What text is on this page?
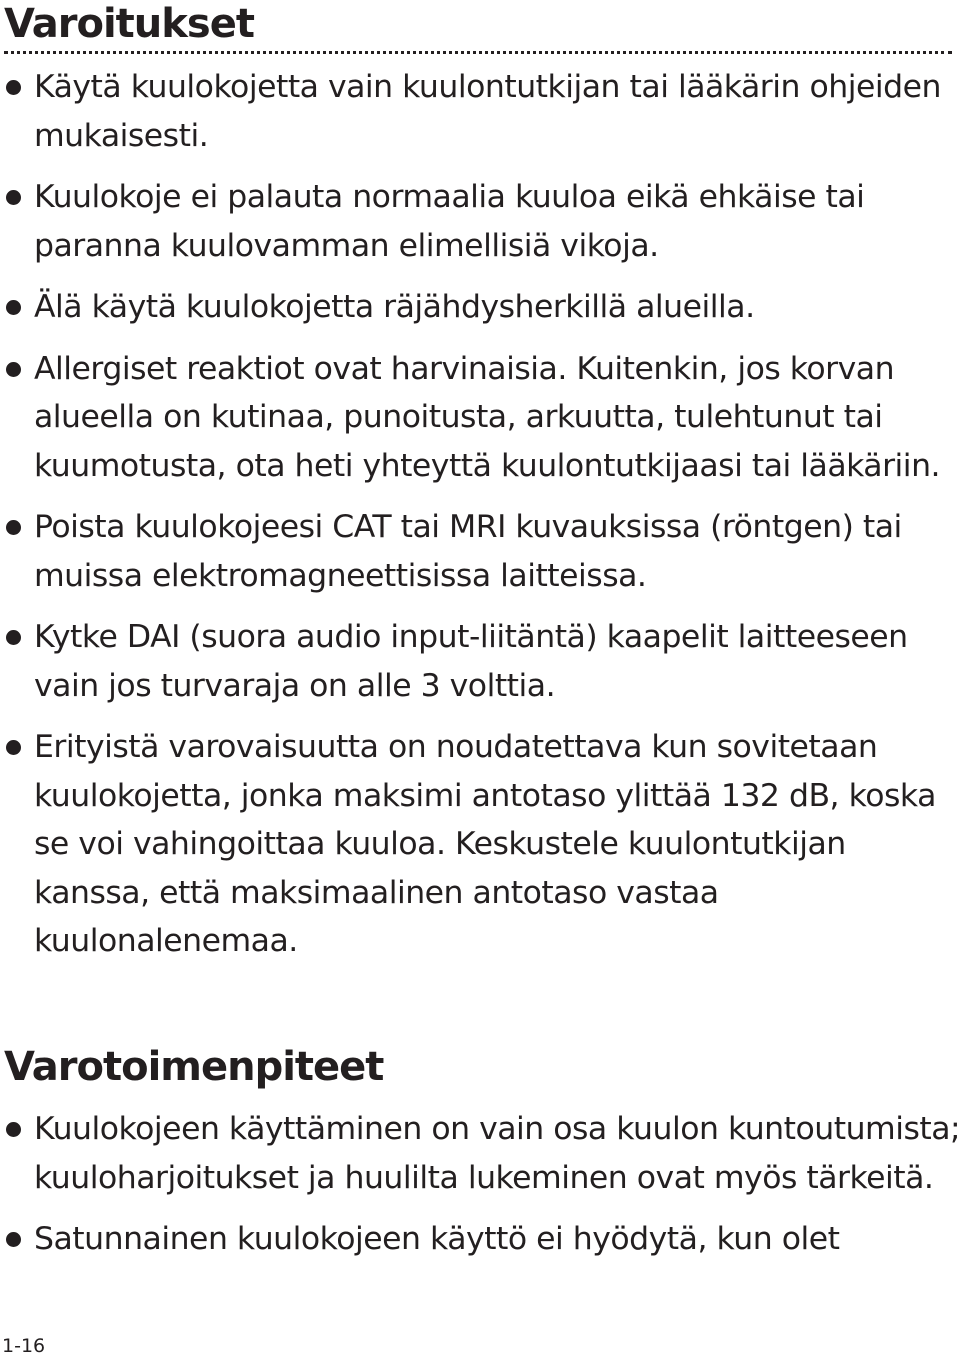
Varoitukset
Käytä kuulokojetta vain kuulontutkijan tai lääkärin ohjeiden mukaisesti.
Kuulokoje ei palauta normaalia kuuloa eikä ehkäise tai paranna kuulovamman elimellisiä vikoja.
Älä käytä kuulokojetta räjähdysherkillä alueilla.
Allergiset reaktiot ovat harvinaisia. Kuitenkin, jos korvan alueella on kutinaa, punoitusta, arkuutta, tulehtunut tai kuumotusta, ota heti yhteyttä kuulontutkijaasi tai lääkäriin.
Poista kuulokojeesi CAT tai MRI kuvauksissa (röntgen) tai muissa elektromagneettisissa laitteissa.
Kytke DAI (suora audio input-liitäntä) kaapelit laitteeseen vain jos turvaraja on alle 3 volttia.
Erityistä varovaisuutta on noudatettava kun sovitetaan kuulokojetta, jonka maksimi antotaso ylittää 132 dB, koska se voi vahingoittaa kuuloa. Keskustele kuulontutkijan kanssa, että maksimaalinen antotaso vastaa kuulonalenemaa.
Varotoimenpiteet
Kuulokojeen käyttäminen on vain osa kuulon kuntoutumista; kuuloharjoitukset ja huulilta lukeminen ovat myös tärkeitä.
Satunnainen kuulokojeen käyttö ei hyödytä, kun olet
1-16
